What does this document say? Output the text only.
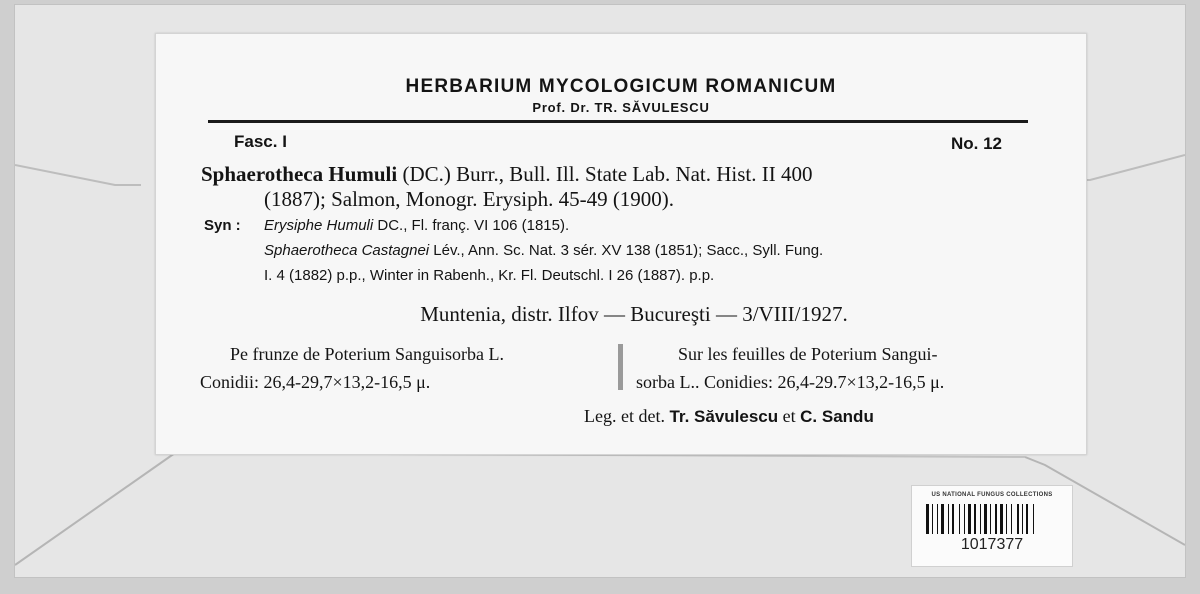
HERBARIUM MYCOLOGICUM ROMANICUM
Prof. Dr. TR. SĂVULESCU
Fasc. I	No. 12
Sphaerotheca Humuli (DC.) Burr., Bull. Ill. State Lab. Nat. Hist. II 400
(1887); Salmon, Monogr. Erysiph. 45-49 (1900).
Syn : Erysiphe Humuli DC., Fl. franç. VI 106 (1815).
Sphaerotheca Castagnei Lév., Ann. Sc. Nat. 3 sér. XV 138 (1851); Sacc., Syll. Fung.
I. 4 (1882) p.p., Winter in Rabenh., Kr. Fl. Deutschl. I 26 (1887). p.p.
Muntenia, distr. Ilfov — Bucureşti — 3/VIII/1927.
Pe frunze de Poterium Sanguisorba L.
Conidii: 26,4-29,7×13,2-16,5 μ.
Sur les feuilles de Poterium Sangui-
sorba L.. Conidies: 26,4-29.7×13,2-16,5 μ.
Leg. et det. Tr. Săvulescu et C. Sandu
US NATIONAL FUNGUS COLLECTIONS
1017377
